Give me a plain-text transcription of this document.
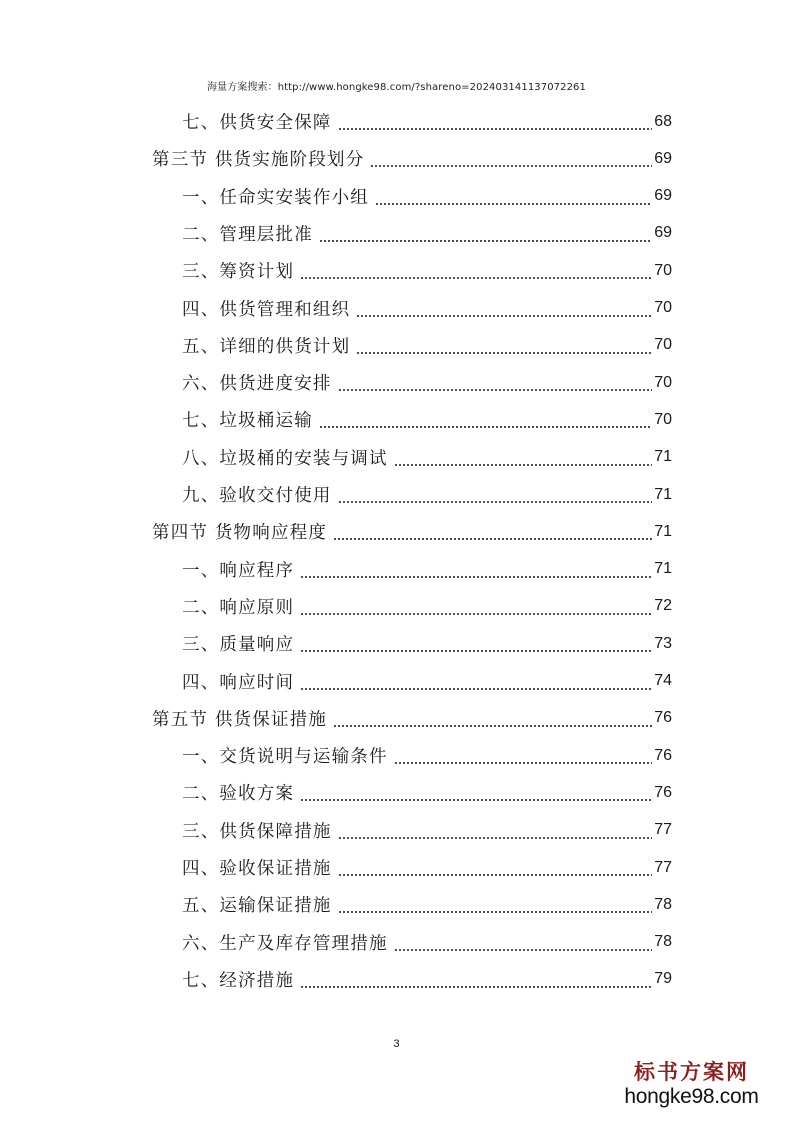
海量方案搜索：http://www.hongke98.com/?shareno=202403141137072261
七、供货安全保障	68
第三节 供货实施阶段划分	69
一、任命实安装作小组	69
二、管理层批准	69
三、筹资计划	70
四、供货管理和组织	70
五、详细的供货计划	70
六、供货进度安排	70
七、垃圾桶运输	70
八、垃圾桶的安装与调试	71
九、验收交付使用	71
第四节 货物响应程度	71
一、响应程序	71
二、响应原则	72
三、质量响应	73
四、响应时间	74
第五节 供货保证措施	76
一、交货说明与运输条件	76
二、验收方案	76
三、供货保障措施	77
四、验收保证措施	77
五、运输保证措施	78
六、生产及库存管理措施	78
七、经济措施	79
3
标书方案网
hongke98.com
